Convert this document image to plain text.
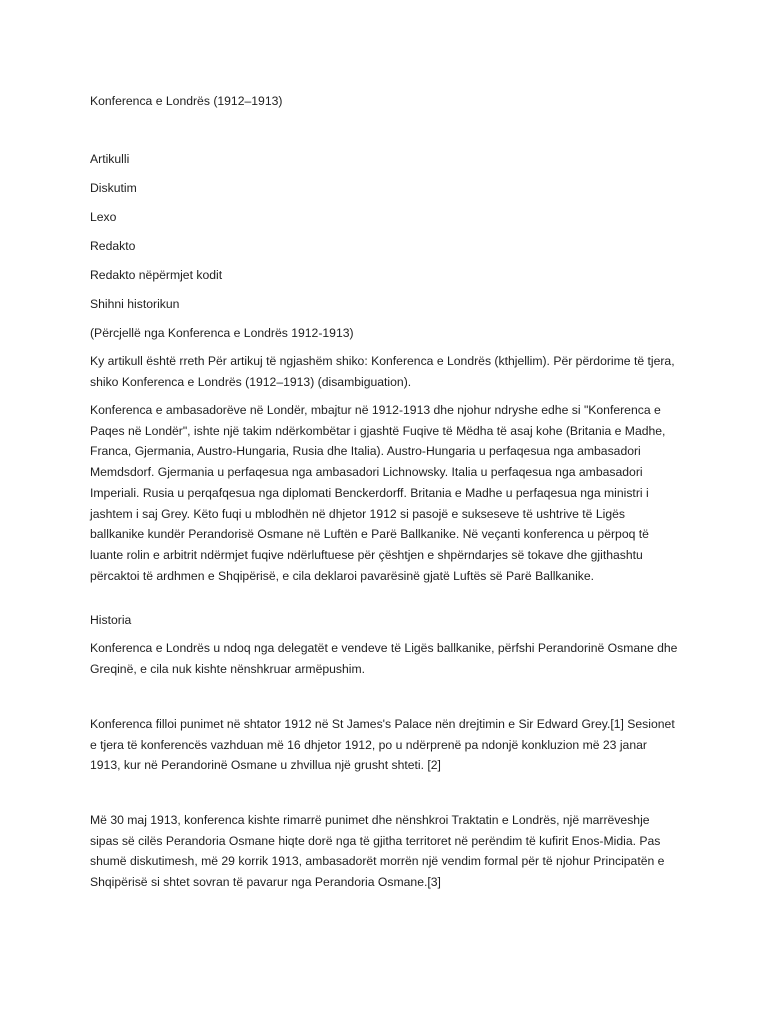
Konferenca e Londrës (1912–1913)

Artikulli

Diskutim

Lexo

Redakto

Redakto nëpërmjet kodit

Shihni historikun

(Përcjellë nga Konferenca e Londrës 1912-1913)

Ky artikull është rreth Për artikuj të ngjashëm shiko: Konferenca e Londrës (kthjellim). Për përdorime të tjera, shiko Konferenca e Londrës (1912–1913) (disambiguation).

Konferenca e ambasadorëve në Londër, mbajtur në 1912-1913 dhe njohur ndryshe edhe si "Konferenca e Paqes në Londër", ishte një takim ndërkombëtar i gjashtë Fuqive të Mëdha të asaj kohe (Britania e Madhe, Franca, Gjermania, Austro-Hungaria, Rusia dhe Italia). Austro-Hungaria u perfaqesua nga ambasadori Memdsdorf. Gjermania u perfaqesua nga ambasadori Lichnowsky. Italia u perfaqesua nga ambasadori Imperiali. Rusia u perqafqesua nga diplomati Benckerdorff. Britania e Madhe u perfaqesua nga ministri i jashtem i saj Grey. Këto fuqi u mblodhën në dhjetor 1912 si pasojë e sukseseve të ushtrive të Ligës ballkanike kundër Perandorisë Osmane në Luftën e Parë Ballkanike. Në veçanti konferenca u përpoq të luante rolin e arbitrit ndërmjet fuqive ndërluftuese për çështjen e shpërndarjes së tokave dhe gjithashtu përcaktoi të ardhmen e Shqipërisë, e cila deklaroi pavarësinë gjatë Luftës së Parë Ballkanike.

Historia

Konferenca e Londrës u ndoq nga delegatët e vendeve të Ligës ballkanike, përfshi Perandorinë Osmane dhe Greqinë, e cila nuk kishte nënshkruar armëpushim.

Konferenca filloi punimet në shtator 1912 në St James's Palace nën drejtimin e Sir Edward Grey.[1] Sesionet e tjera të konferencës vazhduan më 16 dhjetor 1912, po u ndërprenë pa ndonjë konkluzion më 23 janar 1913, kur në Perandorinë Osmane u zhvillua një grusht shteti. [2]

Më 30 maj 1913, konferenca kishte rimarrë punimet dhe nënshkroi Traktatin e Londrës, një marrëveshje sipas së cilës Perandoria Osmane hiqte dorë nga të gjitha territoret në perëndim të kufirit Enos-Midia. Pas shumë diskutimesh, më 29 korrik 1913, ambasadorët morrën një vendim formal për të njohur Principatën e Shqipërisë si shtet sovran të pavarur nga Perandoria Osmane.[3]
